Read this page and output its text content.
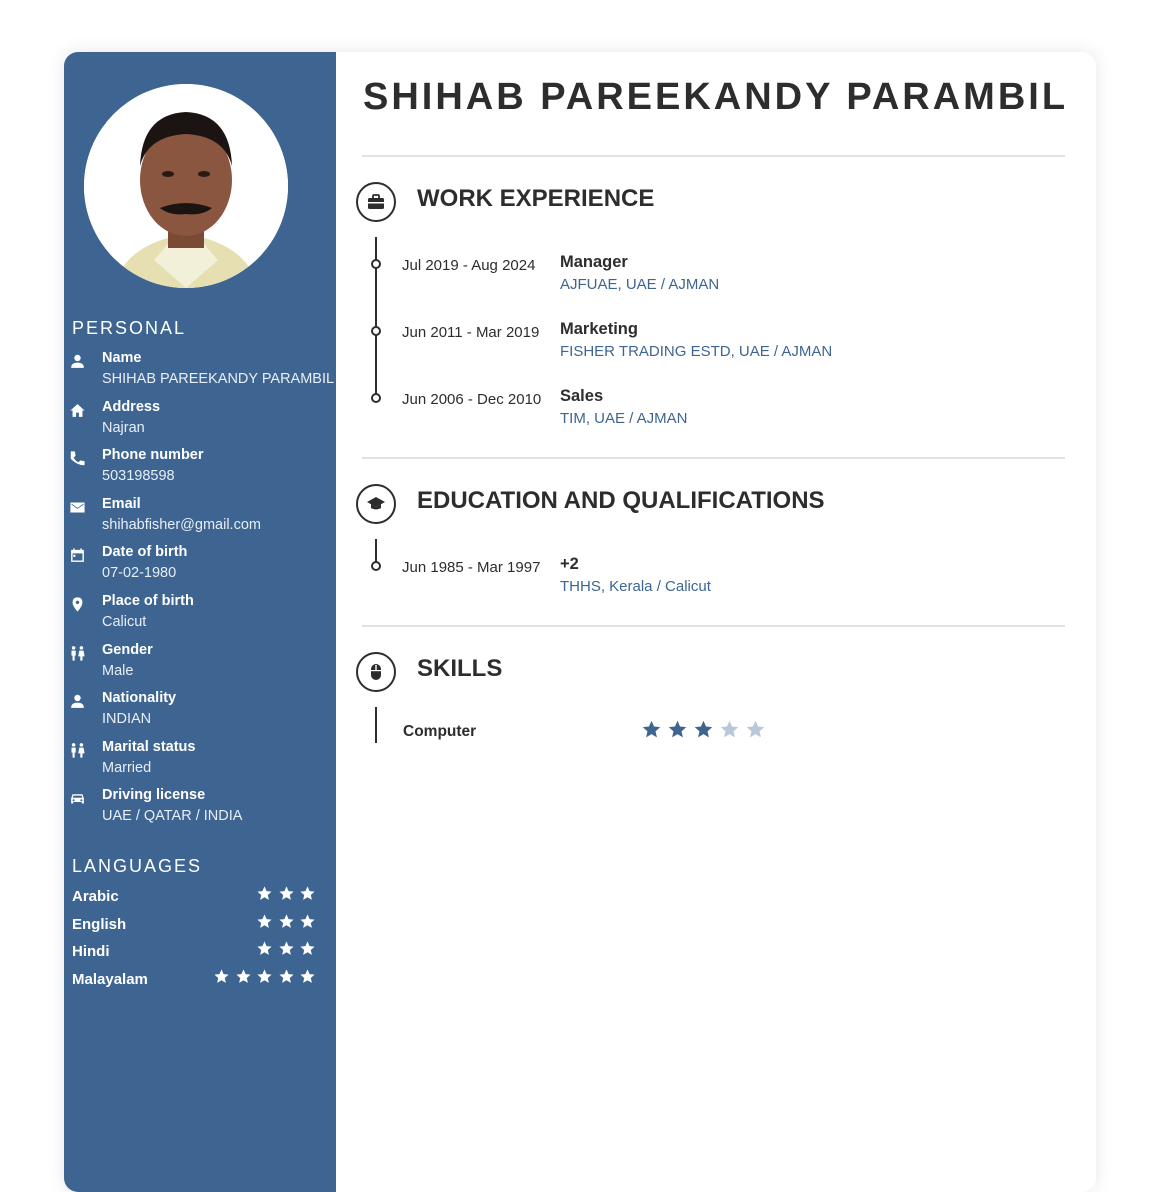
PERSONAL
Name
SHIHAB PAREEKANDY PARAMBIL
Address
Najran
Phone number
503198598
Email
shihabfisher@gmail.com
Date of birth
07-02-1980
Place of birth
Calicut
Gender
Male
Nationality
INDIAN
Marital status
Married
Driving license
UAE / QATAR / INDIA
LANGUAGES
Arabic
English
Hindi
Malayalam
SHIHAB PAREEKANDY PARAMBIL
WORK EXPERIENCE
Jul 2019 - Aug 2024 Manager
AJFUAE, UAE / AJMAN
Jun 2011 - Mar 2019 Marketing
FISHER TRADING ESTD, UAE / AJMAN
Jun 2006 - Dec 2010 Sales
TIM, UAE / AJMAN
EDUCATION AND QUALIFICATIONS
Jun 1985 - Mar 1997 +2
THHS, Kerala / Calicut
SKILLS
Computer
